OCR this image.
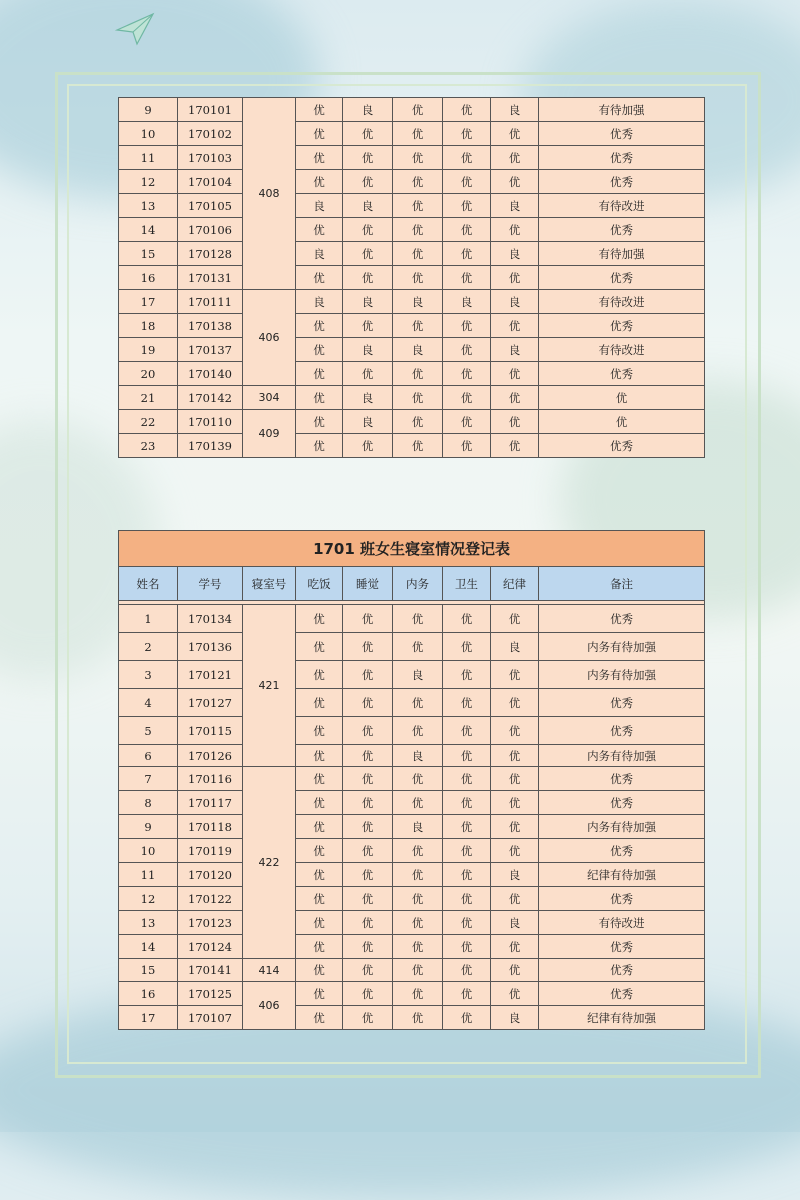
9	170101	408	优	良	优	优	良	有待加强
10	170102		优	优	优	优	优	优秀
11	170103		优	优	优	优	优	优秀
12	170104		优	优	优	优	优	优秀
13	170105		良	良	优	优	良	有待改进
14	170106		优	优	优	优	优	优秀
15	170128		良	优	优	优	良	有待加强
16	170131		优	优	优	优	优	优秀
17	170111	406	良	良	良	良	良	有待改进
18	170138		优	优	优	优	优	优秀
19	170137		优	良	良	优	良	有待改进
20	170140		优	优	优	优	优	优秀
21	170142	304	优	良	优	优	优	优
22	170110	409	优	良	优	优	优	优
23	170139		优	优	优	优	优	优秀
1701 班女生寝室情况登记表								
姓名	学号	寝室号	吃饭	睡觉	内务	卫生	纪律	备注

1	170134	421	优	优	优	优	优	优秀
2	170136		优	优	优	优	良	内务有待加强
3	170121		优	优	良	优	优	内务有待加强
4	170127		优	优	优	优	优	优秀
5	170115		优	优	优	优	优	优秀
6	170126		优	优	良	优	优	内务有待加强
7	170116	422	优	优	优	优	优	优秀
8	170117		优	优	优	优	优	优秀
9	170118		优	优	良	优	优	内务有待加强
10	170119		优	优	优	优	优	优秀
11	170120		优	优	优	优	良	纪律有待加强
12	170122		优	优	优	优	优	优秀
13	170123		优	优	优	优	良	有待改进
14	170124		优	优	优	优	优	优秀
15	170141	414	优	优	优	优	优	优秀
16	170125	406	优	优	优	优	优	优秀
17	170107		优	优	优	优	良	纪律有待加强
